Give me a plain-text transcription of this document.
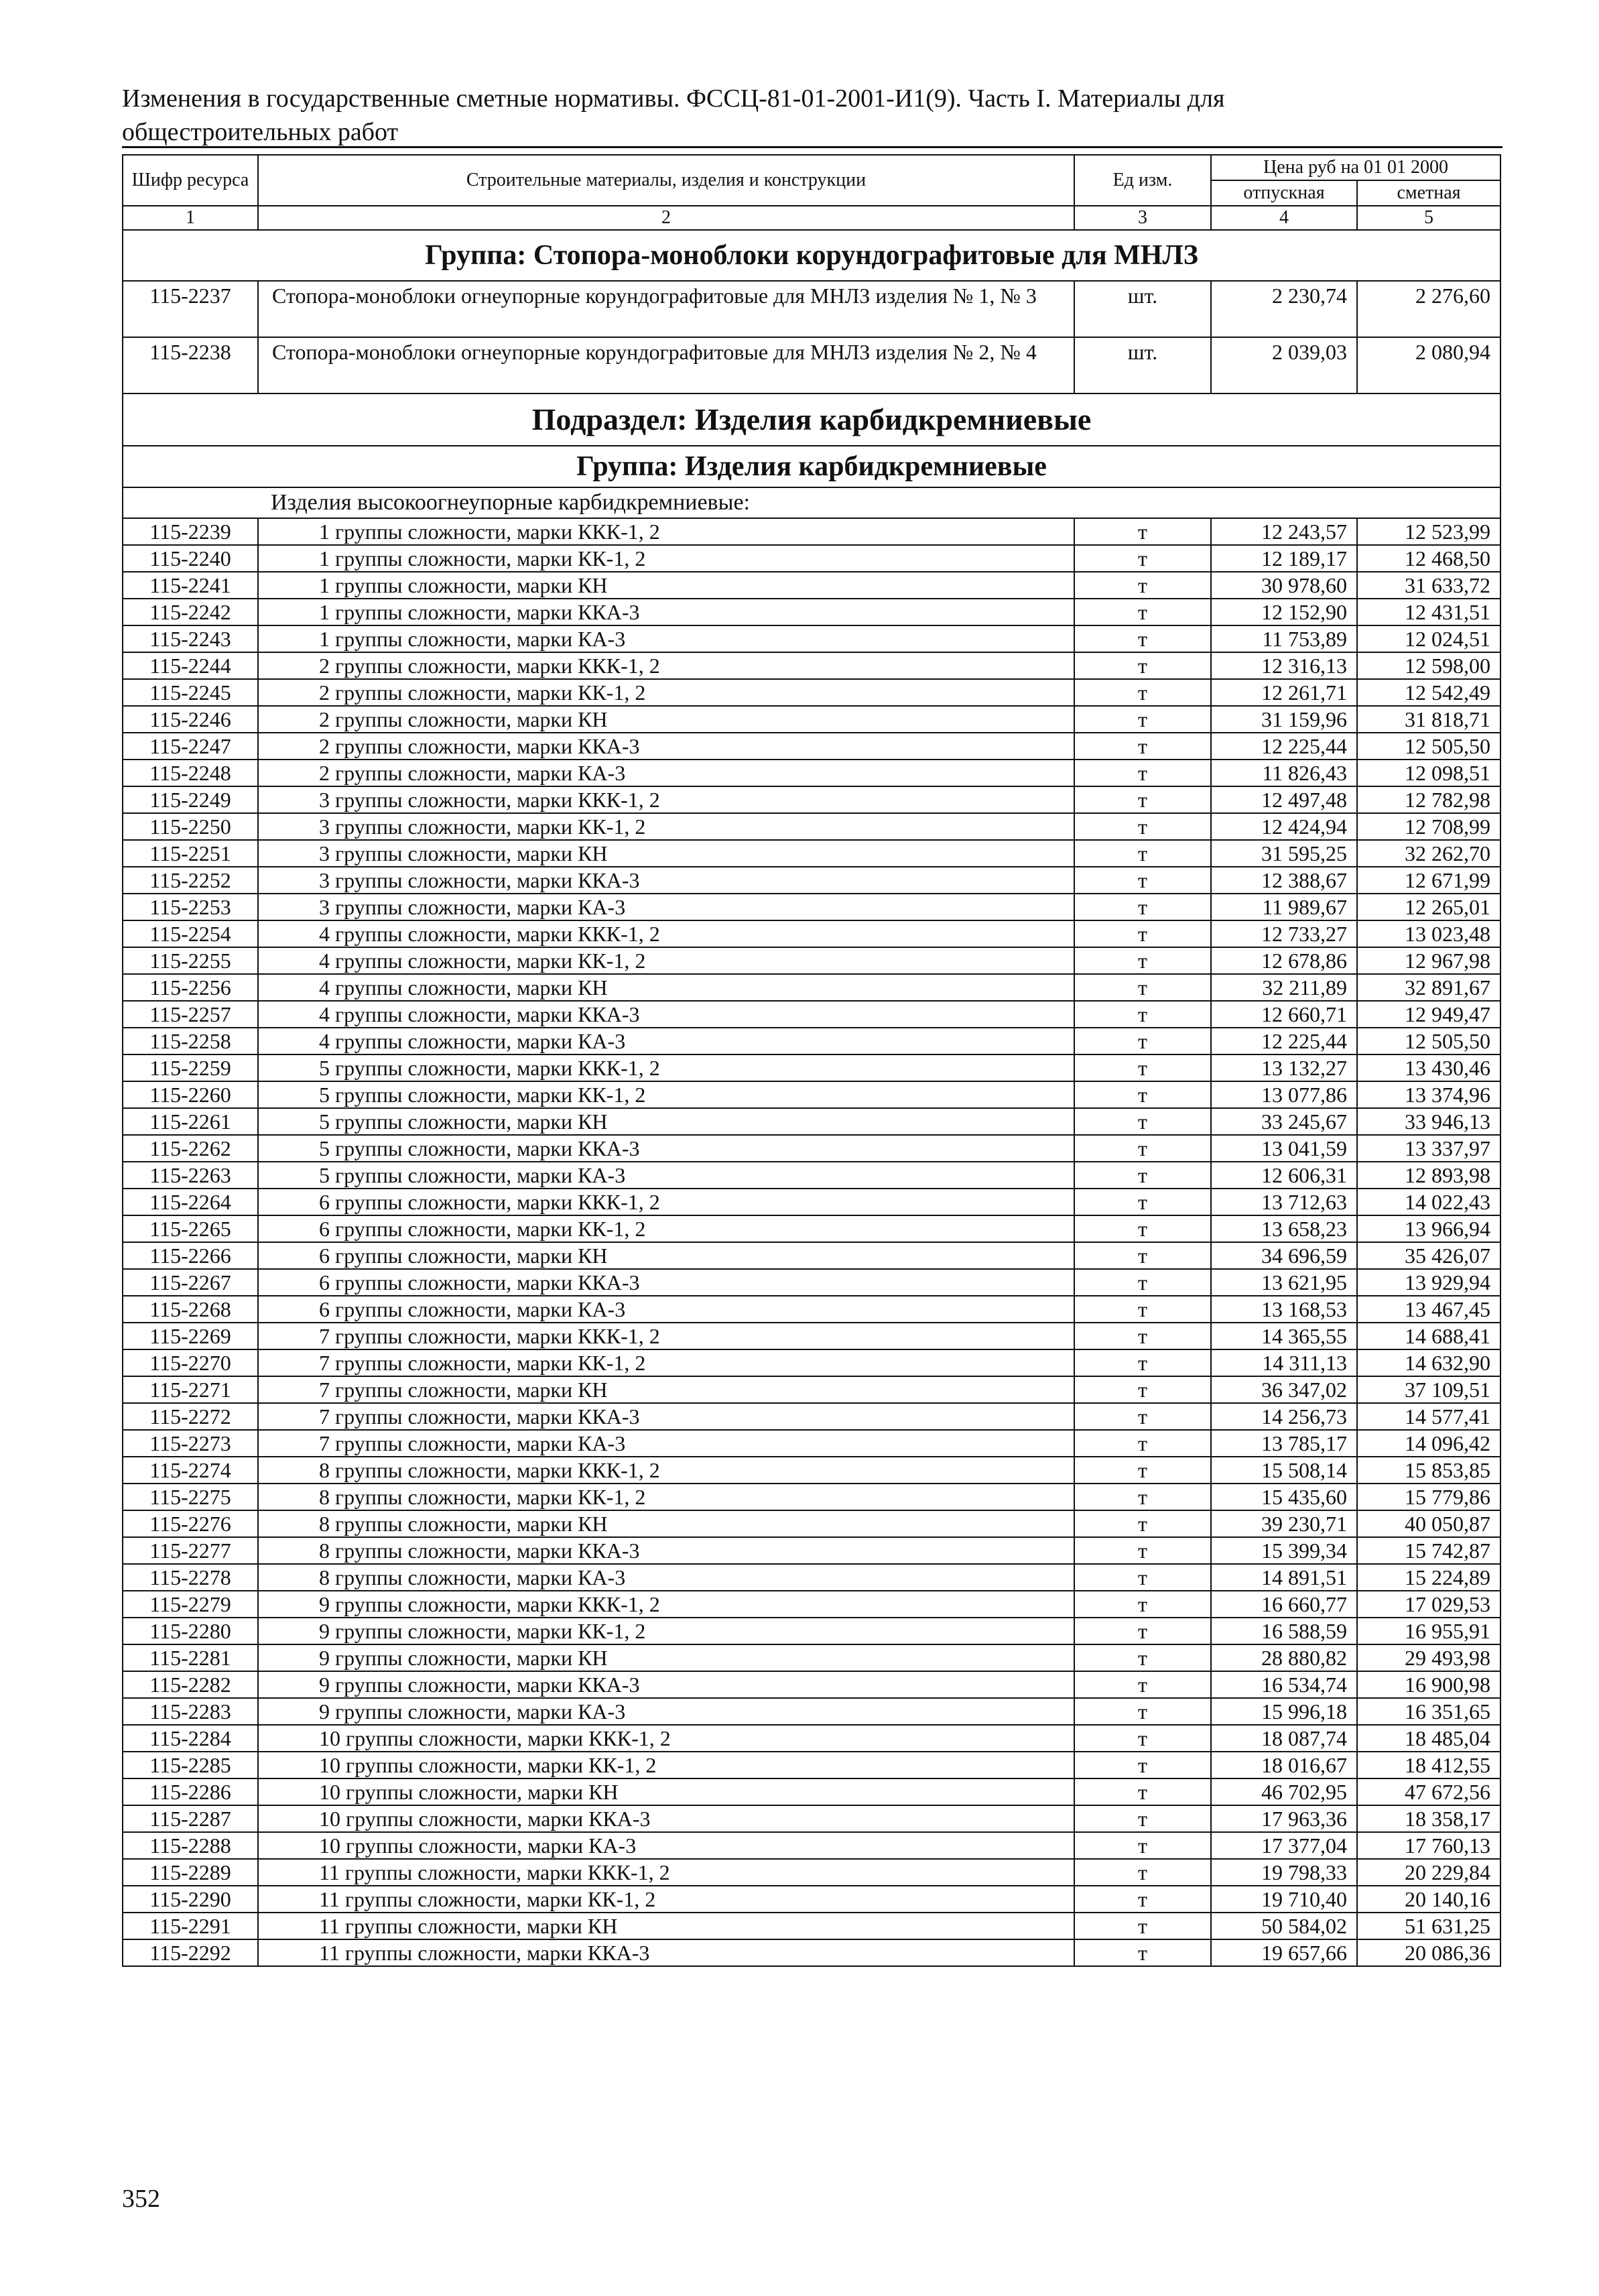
Изменения в государственные сметные нормативы. ФССЦ-81-01-2001-И1(9). Часть I. Материалы для
общестроительных работ
Шифр ресурса	Строительные материалы, изделия и конструкции	Ед изм.	Цена руб на 01 01 2000	
			отпускная	сметная
1	2	3	4	5
Группа: Стопора-моноблоки корундографитовые для МНЛЗ				
115-2237	Стопора-моноблоки огнеупорные корундографитовые для МНЛЗ изделия № 1, № 3	шт.	2 230,74	2 276,60
115-2238	Стопора-моноблоки огнеупорные корундографитовые для МНЛЗ изделия № 2, № 4	шт.	2 039,03	2 080,94
Подраздел: Изделия карбидкремниевые				
Группа: Изделия карбидкремниевые				
Изделия высокоогнеупорные карбидкремниевые:				
115-2239	1 группы сложности, марки ККК-1, 2	т	12 243,57	12 523,99
115-2240	1 группы сложности, марки КК-1, 2	т	12 189,17	12 468,50
115-2241	1 группы сложности, марки КН	т	30 978,60	31 633,72
115-2242	1 группы сложности, марки ККА-3	т	12 152,90	12 431,51
115-2243	1 группы сложности, марки КА-3	т	11 753,89	12 024,51
115-2244	2 группы сложности, марки ККК-1, 2	т	12 316,13	12 598,00
115-2245	2 группы сложности, марки КК-1, 2	т	12 261,71	12 542,49
115-2246	2 группы сложности, марки КН	т	31 159,96	31 818,71
115-2247	2 группы сложности, марки ККА-3	т	12 225,44	12 505,50
115-2248	2 группы сложности, марки КА-3	т	11 826,43	12 098,51
115-2249	3 группы сложности, марки ККК-1, 2	т	12 497,48	12 782,98
115-2250	3 группы сложности, марки КК-1, 2	т	12 424,94	12 708,99
115-2251	3 группы сложности, марки КН	т	31 595,25	32 262,70
115-2252	3 группы сложности, марки ККА-3	т	12 388,67	12 671,99
115-2253	3 группы сложности, марки КА-3	т	11 989,67	12 265,01
115-2254	4 группы сложности, марки ККК-1, 2	т	12 733,27	13 023,48
115-2255	4 группы сложности, марки КК-1, 2	т	12 678,86	12 967,98
115-2256	4 группы сложности, марки КН	т	32 211,89	32 891,67
115-2257	4 группы сложности, марки ККА-3	т	12 660,71	12 949,47
115-2258	4 группы сложности, марки КА-3	т	12 225,44	12 505,50
115-2259	5 группы сложности, марки ККК-1, 2	т	13 132,27	13 430,46
115-2260	5 группы сложности, марки КК-1, 2	т	13 077,86	13 374,96
115-2261	5 группы сложности, марки КН	т	33 245,67	33 946,13
115-2262	5 группы сложности, марки ККА-3	т	13 041,59	13 337,97
115-2263	5 группы сложности, марки КА-3	т	12 606,31	12 893,98
115-2264	6 группы сложности, марки ККК-1, 2	т	13 712,63	14 022,43
115-2265	6 группы сложности, марки КК-1, 2	т	13 658,23	13 966,94
115-2266	6 группы сложности, марки КН	т	34 696,59	35 426,07
115-2267	6 группы сложности, марки ККА-3	т	13 621,95	13 929,94
115-2268	6 группы сложности, марки КА-3	т	13 168,53	13 467,45
115-2269	7 группы сложности, марки ККК-1, 2	т	14 365,55	14 688,41
115-2270	7 группы сложности, марки КК-1, 2	т	14 311,13	14 632,90
115-2271	7 группы сложности, марки КН	т	36 347,02	37 109,51
115-2272	7 группы сложности, марки ККА-3	т	14 256,73	14 577,41
115-2273	7 группы сложности, марки КА-3	т	13 785,17	14 096,42
115-2274	8 группы сложности, марки ККК-1, 2	т	15 508,14	15 853,85
115-2275	8 группы сложности, марки КК-1, 2	т	15 435,60	15 779,86
115-2276	8 группы сложности, марки КН	т	39 230,71	40 050,87
115-2277	8 группы сложности, марки ККА-3	т	15 399,34	15 742,87
115-2278	8 группы сложности, марки КА-3	т	14 891,51	15 224,89
115-2279	9 группы сложности, марки ККК-1, 2	т	16 660,77	17 029,53
115-2280	9 группы сложности, марки КК-1, 2	т	16 588,59	16 955,91
115-2281	9 группы сложности, марки КН	т	28 880,82	29 493,98
115-2282	9 группы сложности, марки ККА-3	т	16 534,74	16 900,98
115-2283	9 группы сложности, марки КА-3	т	15 996,18	16 351,65
115-2284	10 группы сложности, марки ККК-1, 2	т	18 087,74	18 485,04
115-2285	10 группы сложности, марки КК-1, 2	т	18 016,67	18 412,55
115-2286	10 группы сложности, марки КН	т	46 702,95	47 672,56
115-2287	10 группы сложности, марки ККА-3	т	17 963,36	18 358,17
115-2288	10 группы сложности, марки КА-3	т	17 377,04	17 760,13
115-2289	11 группы сложности, марки ККК-1, 2	т	19 798,33	20 229,84
115-2290	11 группы сложности, марки КК-1, 2	т	19 710,40	20 140,16
115-2291	11 группы сложности, марки КН	т	50 584,02	51 631,25
115-2292	11 группы сложности, марки ККА-3	т	19 657,66	20 086,36
352
